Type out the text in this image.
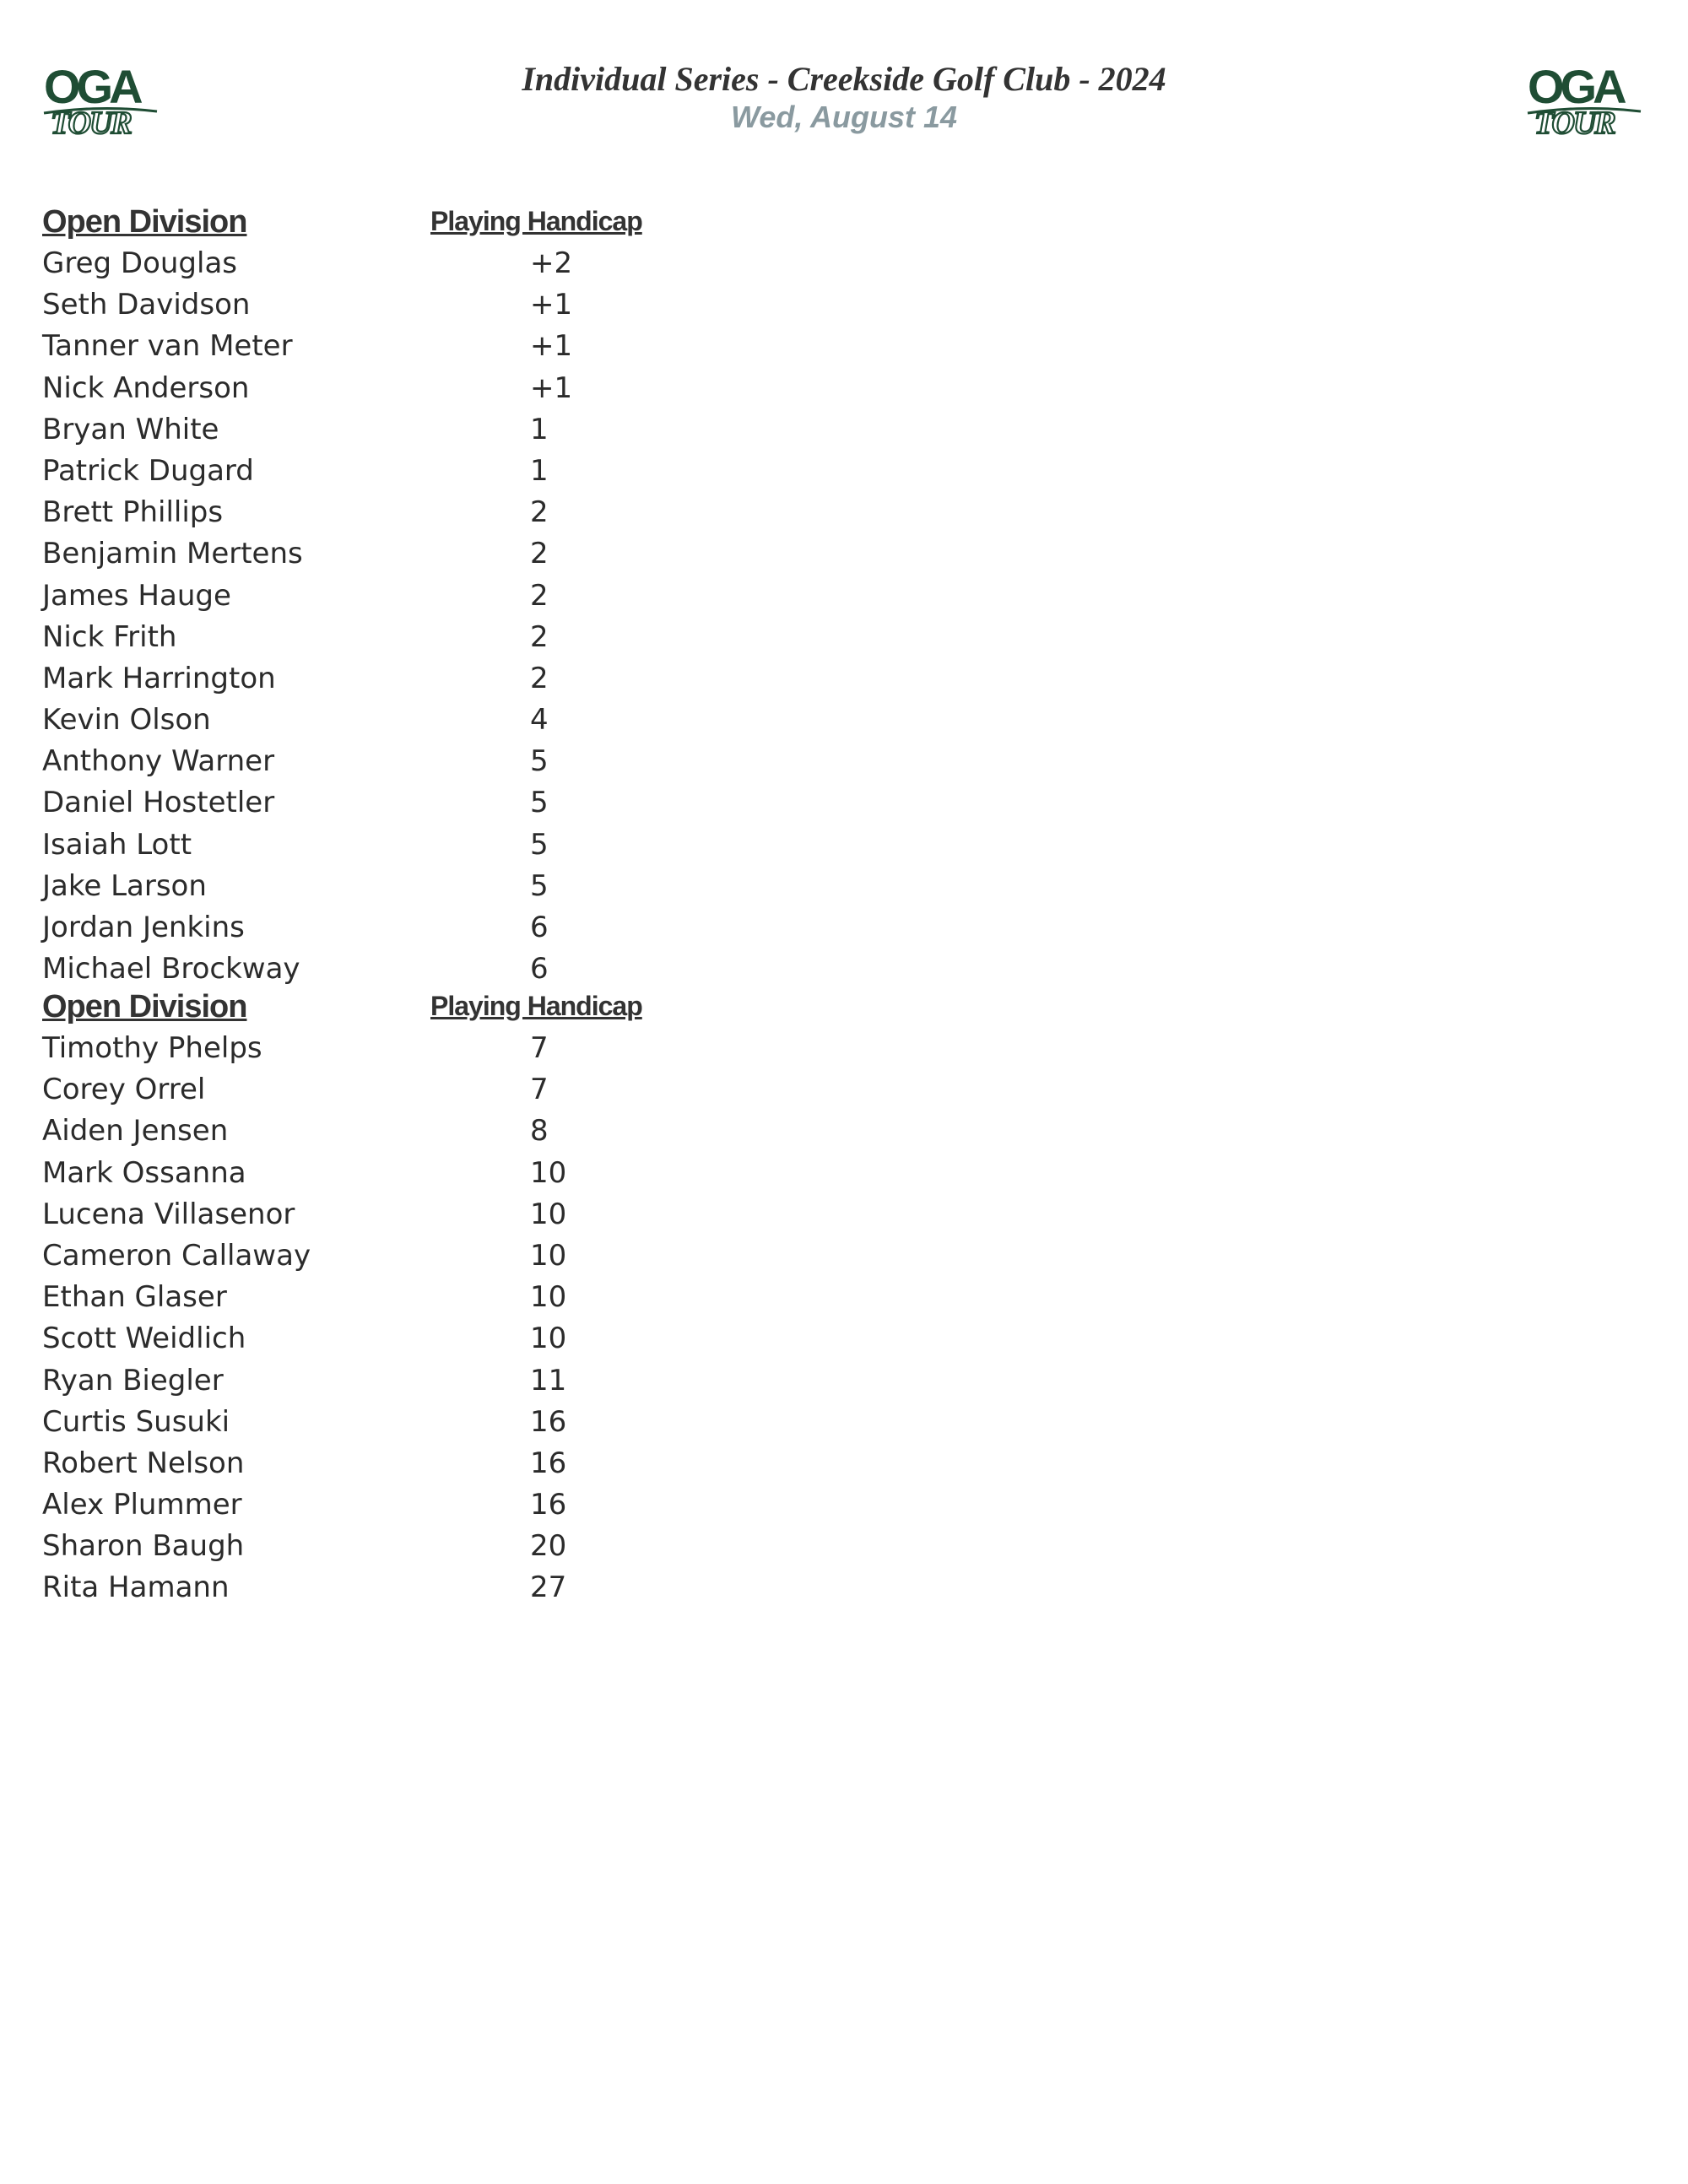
OGA
TOUR
OGA
TOUR
Individual Series - Creekside Golf Club - 2024
Wed, August 14
Open Division	Playing Handicap
Greg Douglas	+2
Seth Davidson	+1
Tanner van Meter	+1
Nick Anderson	+1
Bryan White	1
Patrick Dugard	1
Brett Phillips	2
Benjamin Mertens	2
James Hauge	2
Nick Frith	2
Mark Harrington	2
Kevin Olson	4
Anthony Warner	5
Daniel Hostetler	5
Isaiah Lott	5
Jake Larson	5
Jordan Jenkins	6
Michael Brockway	6
Open Division	Playing Handicap
Timothy Phelps	7
Corey Orrel	7
Aiden Jensen	8
Mark Ossanna	10
Lucena Villasenor	10
Cameron Callaway	10
Ethan Glaser	10
Scott Weidlich	10
Ryan Biegler	11
Curtis Susuki	16
Robert Nelson	16
Alex Plummer	16
Sharon Baugh	20
Rita Hamann	27
